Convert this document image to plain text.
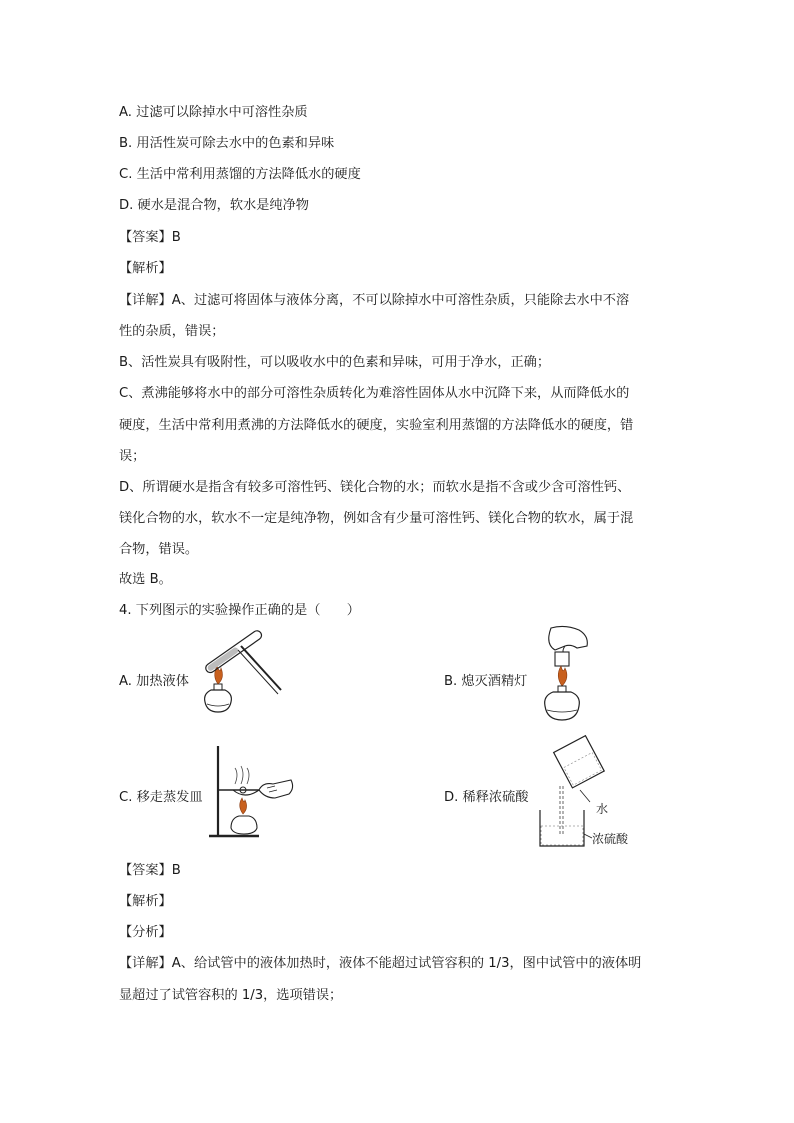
A. 过滤可以除掉水中可溶性杂质
B. 用活性炭可除去水中的色素和异味
C. 生活中常利用蒸馏的方法降低水的硬度
D. 硬水是混合物，软水是纯净物
【答案】B
【解析】
【详解】A、过滤可将固体与液体分离，不可以除掉水中可溶性杂质，只能除去水中不溶
性的杂质，错误；
B、活性炭具有吸附性，可以吸收水中的色素和异味，可用于净水，正确；
C、煮沸能够将水中的部分可溶性杂质转化为难溶性固体从水中沉降下来，从而降低水的
硬度，生活中常利用煮沸的方法降低水的硬度，实验室利用蒸馏的方法降低水的硬度，错
误；
D、所谓硬水是指含有较多可溶性钙、镁化合物的水；而软水是指不含或少含可溶性钙、
镁化合物的水，软水不一定是纯净物，例如含有少量可溶性钙、镁化合物的软水，属于混
合物，错误。
故选 B。
4. 下列图示的实验操作正确的是（　　）
A. 加热液体	B. 熄灭酒精灯
C. 移走蒸发皿	D. 稀释浓硫酸
水
浓硫酸
【答案】B
【解析】
【分析】
【详解】A、给试管中的液体加热时，液体不能超过试管容积的 1/3，图中试管中的液体明
显超过了试管容积的 1/3，选项错误；
